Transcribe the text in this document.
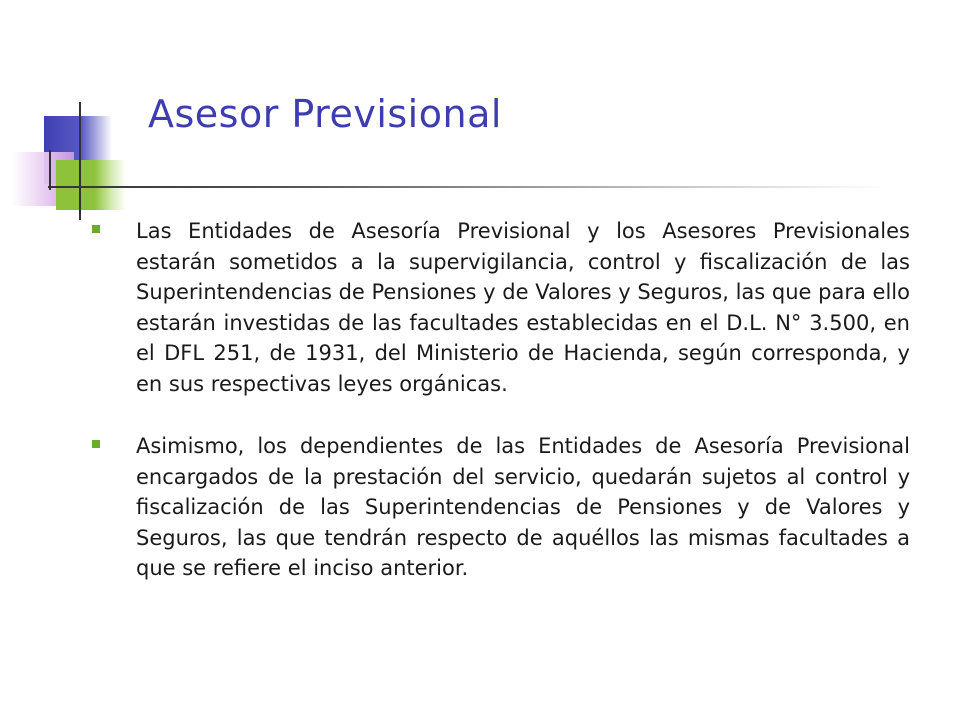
Asesor Previsional
Las Entidades de Asesoría Previsional y los Asesores Previsionales estarán sometidos a la supervigilancia, control y fiscalización de las Superintendencias de Pensiones y de Valores y Seguros, las que para ello estarán investidas de las facultades establecidas en el D.L. N° 3.500, en el DFL 251, de 1931, del Ministerio de Hacienda, según corresponda, y en sus respectivas leyes orgánicas.
Asimismo, los dependientes de las Entidades de Asesoría Previsional encargados de la prestación del servicio, quedarán sujetos al control y fiscalización de las Superintendencias de Pensiones y de Valores y Seguros, las que tendrán respecto de aquéllos las mismas facultades a que se refiere el inciso anterior.
